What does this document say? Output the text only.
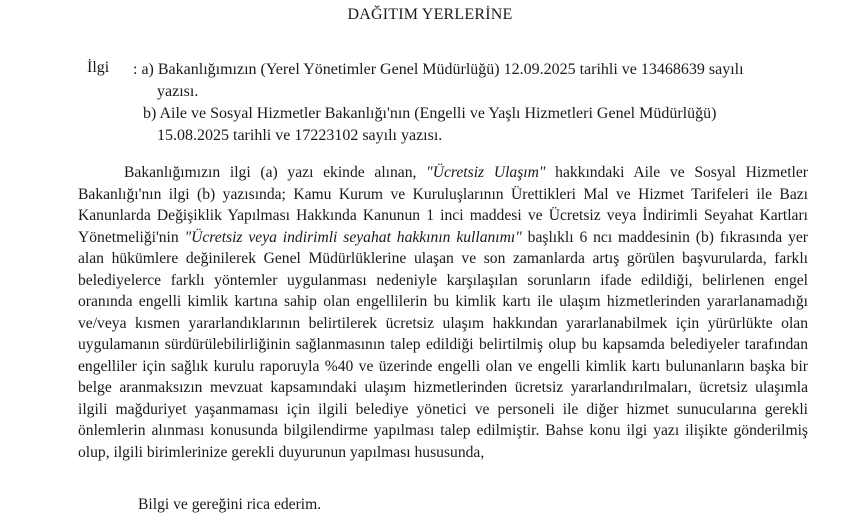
DAĞITIM YERLERİNE
İlgi : a) Bakanlığımızın (Yerel Yönetimler Genel Müdürlüğü) 12.09.2025 tarihli ve 13468639 sayılı
yazısı.
b) Aile ve Sosyal Hizmetler Bakanlığı'nın (Engelli ve Yaşlı Hizmetleri Genel Müdürlüğü)
15.08.2025 tarihli ve 17223102 sayılı yazısı.
Bakanlığımızın ilgi (a) yazı ekinde alınan, "Ücretsiz Ulaşım" hakkındaki Aile ve Sosyal Hizmetler Bakanlığı'nın ilgi (b) yazısında; Kamu Kurum ve Kuruluşlarının Ürettikleri Mal ve Hizmet Tarifeleri ile Bazı Kanunlarda Değişiklik Yapılması Hakkında Kanunun 1 inci maddesi ve Ücretsiz veya İndirimli Seyahat Kartları Yönetmeliği'nin "Ücretsiz veya indirimli seyahat hakkının kullanımı" başlıklı 6 ncı maddesinin (b) fıkrasında yer alan hükümlere değinilerek Genel Müdürlüklerine ulaşan ve son zamanlarda artış görülen başvurularda, farklı belediyelerce farklı yöntemler uygulanması nedeniyle karşılaşılan sorunların ifade edildiği, belirlenen engel oranında engelli kimlik kartına sahip olan engellilerin bu kimlik kartı ile ulaşım hizmetlerinden yararlanamadığı ve/veya kısmen yararlandıklarının belirtilerek ücretsiz ulaşım hakkından yararlanabilmek için yürürlükte olan uygulamanın sürdürülebilirliğinin sağlanmasının talep edildiği belirtilmiş olup bu kapsamda belediyeler tarafından engelliler için sağlık kurulu raporuyla %40 ve üzerinde engelli olan ve engelli kimlik kartı bulunanların başka bir belge aranmaksızın mevzuat kapsamındaki ulaşım hizmetlerinden ücretsiz yararlandırılmaları, ücretsiz ulaşımla ilgili mağduriyet yaşanmaması için ilgili belediye yönetici ve personeli ile diğer hizmet sunucularına gerekli önlemlerin alınması konusunda bilgilendirme yapılması talep edilmiştir. Bahse konu ilgi yazı ilişikte gönderilmiş olup, ilgili birimlerinize gerekli duyurunun yapılması hususunda,
Bilgi ve gereğini rica ederim.
